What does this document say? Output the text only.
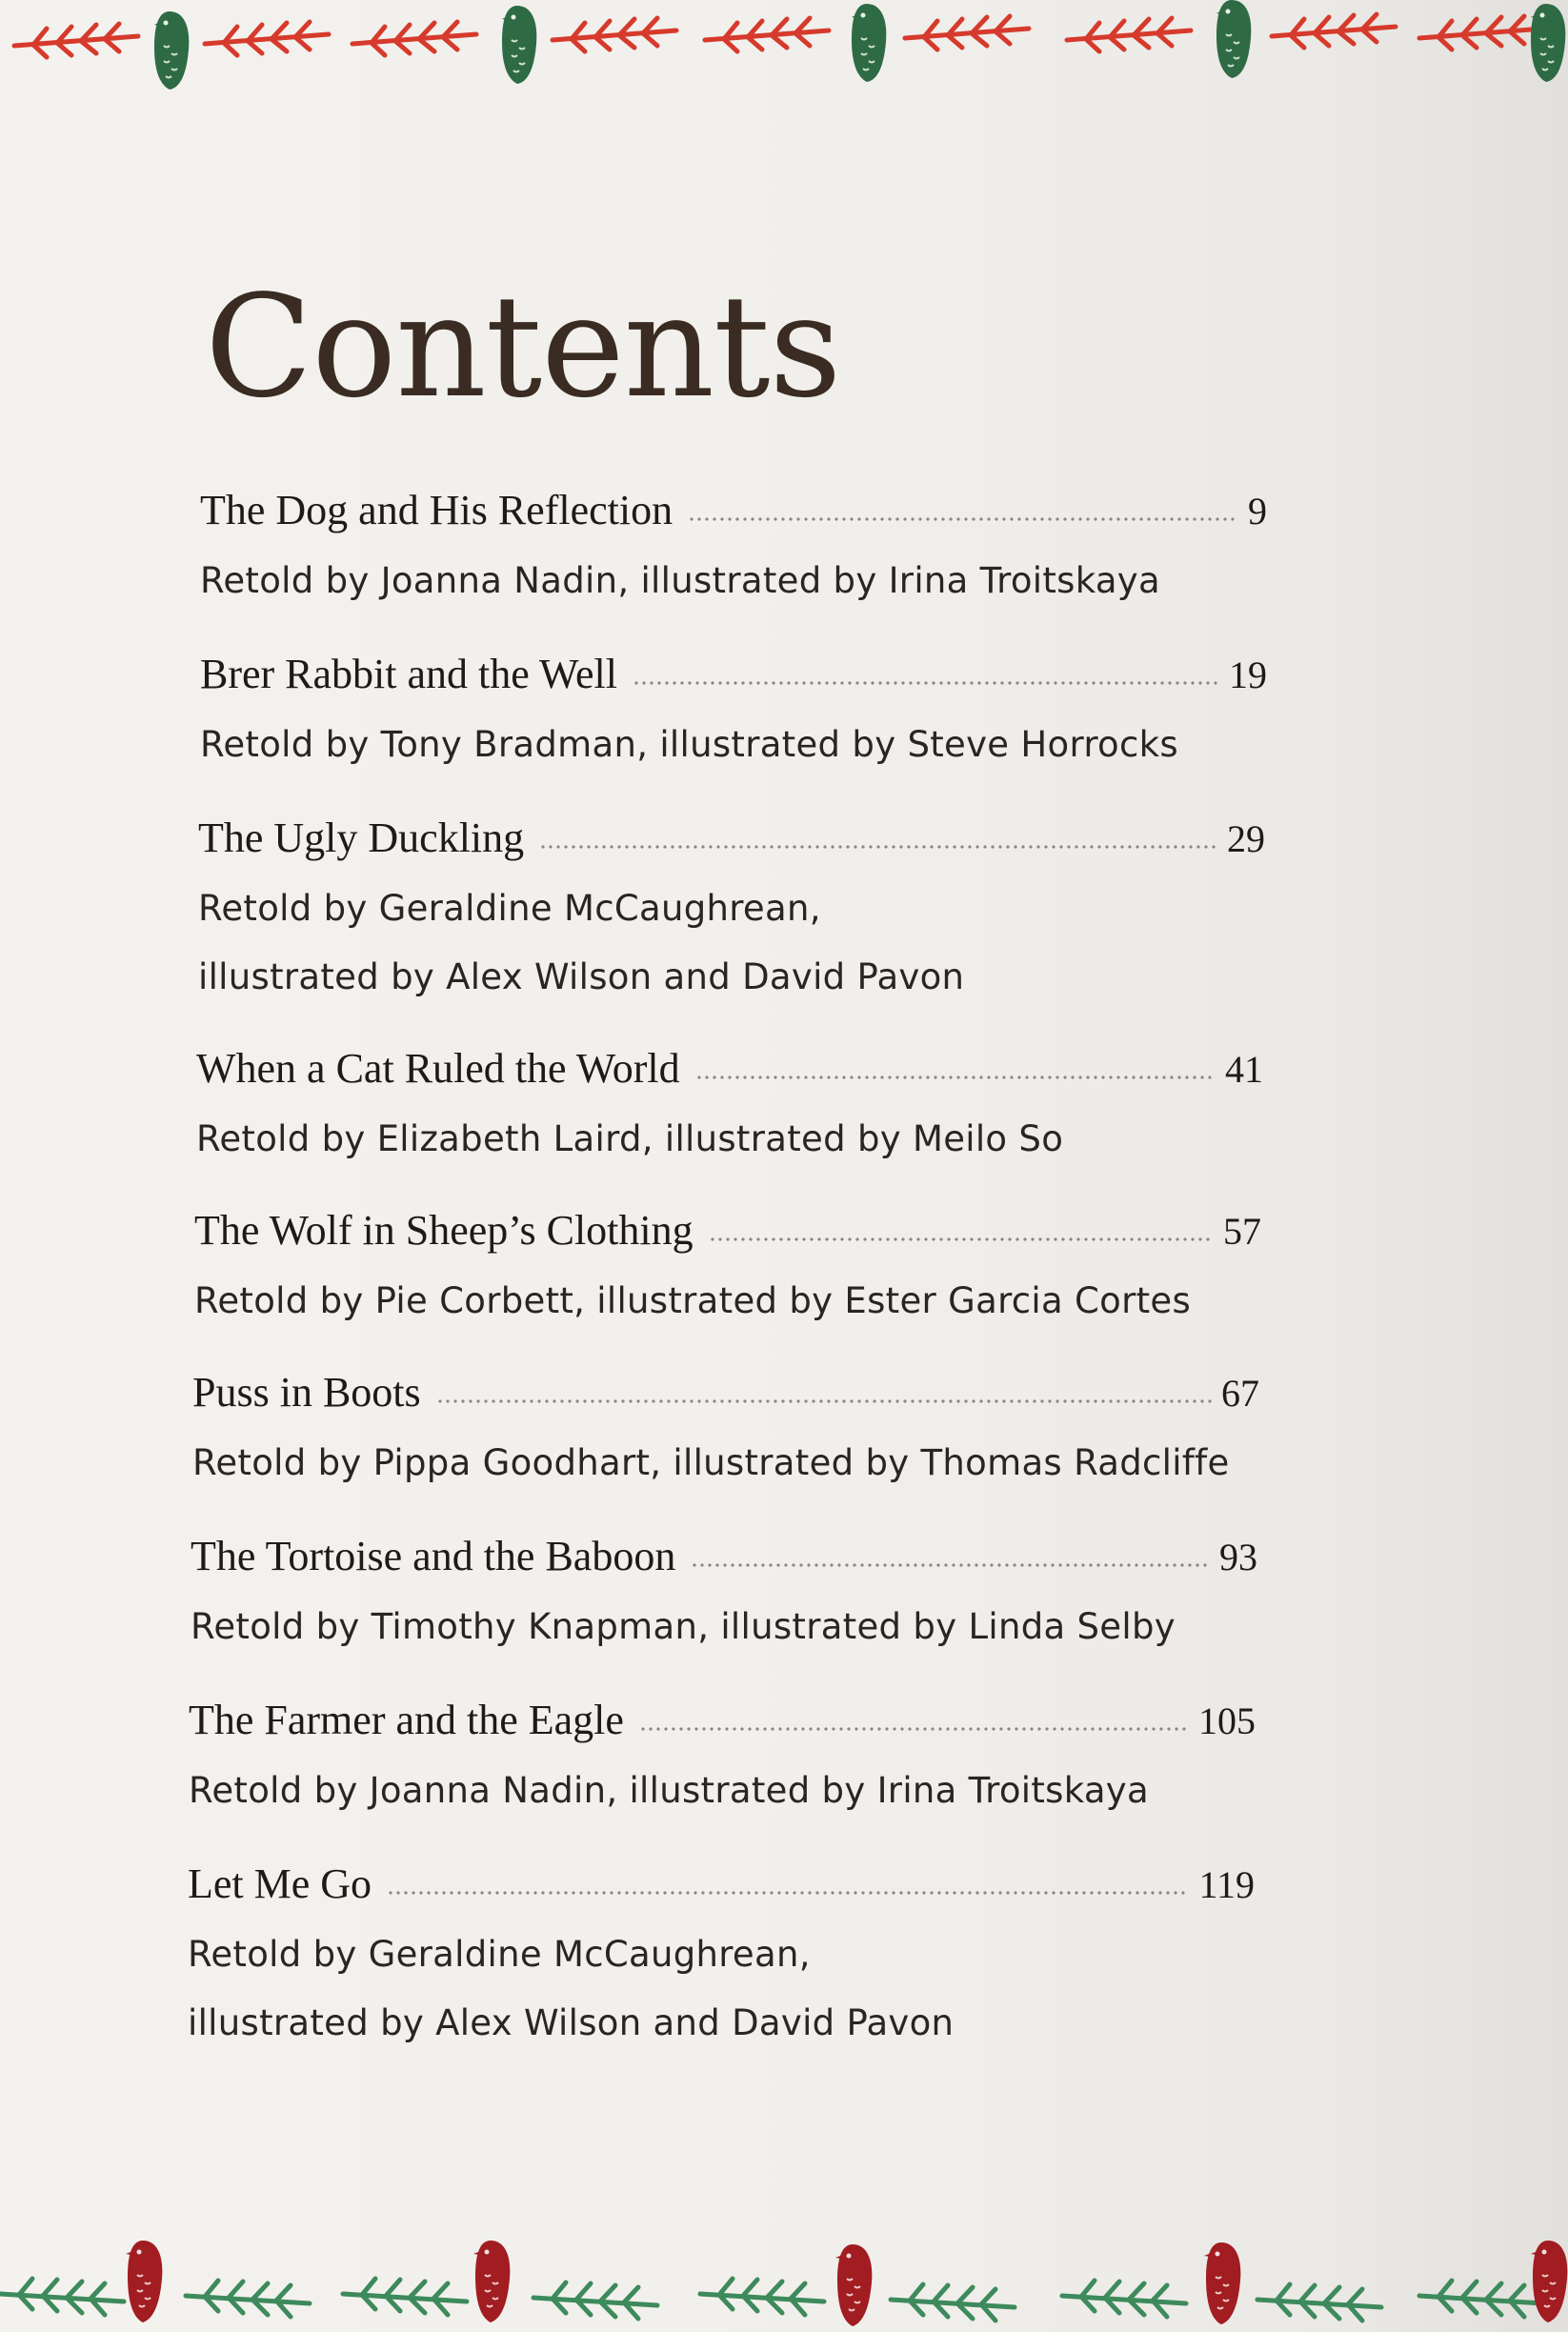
Contents
The Dog and His Reflection	9
Retold by Joanna Nadin, illustrated by Irina Troitskaya
Brer Rabbit and the Well	19
Retold by Tony Bradman, illustrated by Steve Horrocks
The Ugly Duckling	29
Retold by Geraldine McCaughrean, illustrated by Alex Wilson and David Pavon
When a Cat Ruled the World	41
Retold by Elizabeth Laird, illustrated by Meilo So
The Wolf in Sheep’s Clothing	57
Retold by Pie Corbett, illustrated by Ester Garcia Cortes
Puss in Boots	67
Retold by Pippa Goodhart, illustrated by Thomas Radcliffe
The Tortoise and the Baboon	93
Retold by Timothy Knapman, illustrated by Linda Selby
The Farmer and the Eagle	105
Retold by Joanna Nadin, illustrated by Irina Troitskaya
Let Me Go	119
Retold by Geraldine McCaughrean, illustrated by Alex Wilson and David Pavon
